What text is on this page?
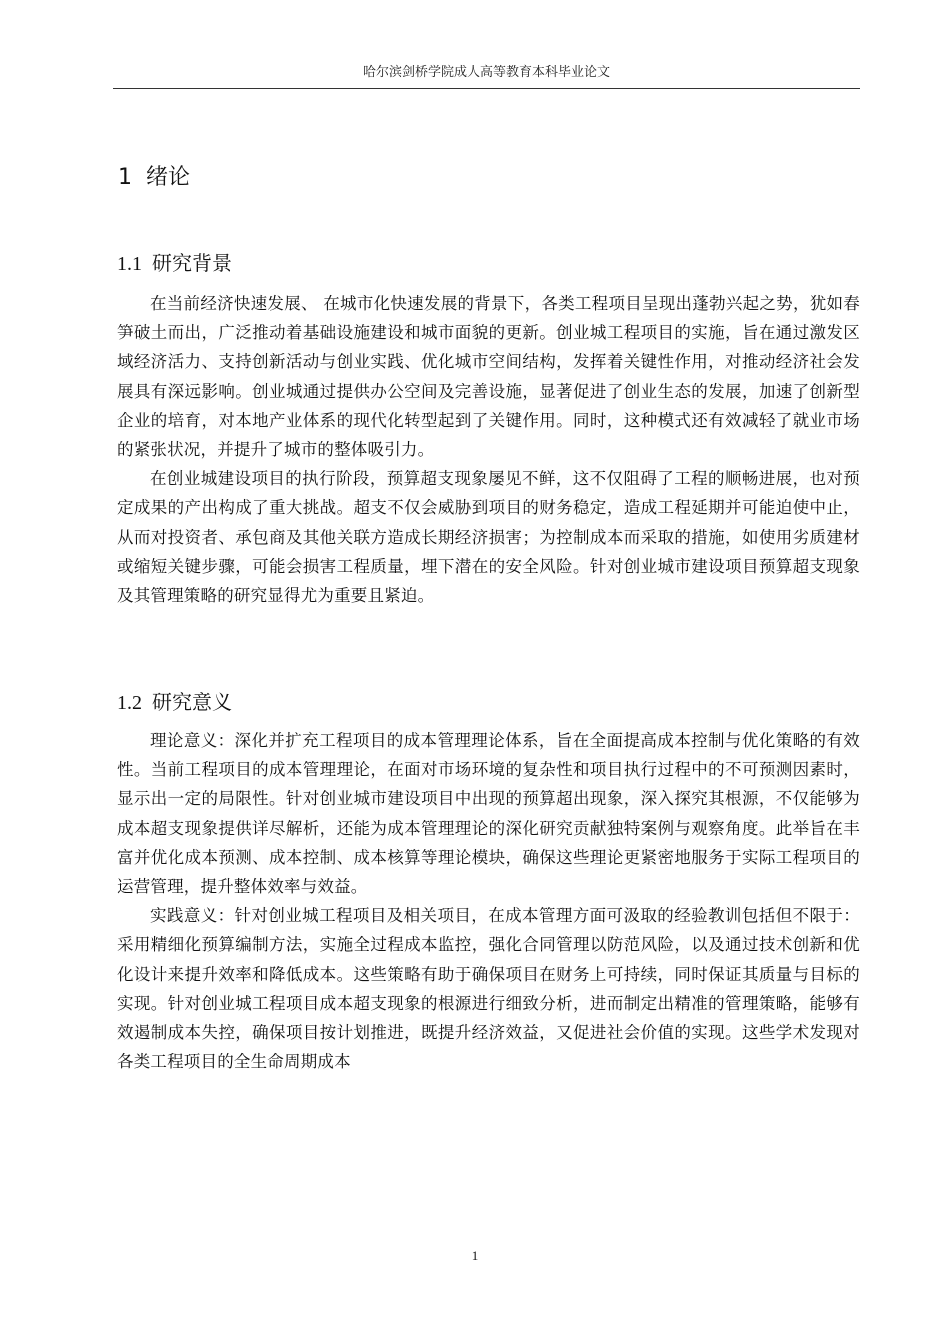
哈尔滨剑桥学院成人高等教育本科毕业论文
1 绪论
1.1 研究背景

在当前经济快速发展、 在城市化快速发展的背景下，各类工程项目呈现出蓬勃兴起之势，犹如春笋破土而出，广泛推动着基础设施建设和城市面貌的更新。创业城工程项目的实施，旨在通过激发区域经济活力、支持创新活动与创业实践、优化城市空间结构，发挥着关键性作用，对推动经济社会发展具有深远影响。创业城通过提供办公空间及完善设施，显著促进了创业生态的发展，加速了创新型企业的培育，对本地产业体系的现代化转型起到了关键作用。同时，这种模式还有效减轻了就业市场的紧张状况，并提升了城市的整体吸引力。

在创业城建设项目的执行阶段，预算超支现象屡见不鲜，这不仅阻碍了工程的顺畅进展，也对预定成果的产出构成了重大挑战。超支不仅会威胁到项目的财务稳定，造成工程延期并可能迫使中止，从而对投资者、承包商及其他关联方造成长期经济损害；为控制成本而采取的措施，如使用劣质建材或缩短关键步骤，可能会损害工程质量，埋下潜在的安全风险。针对创业城市建设项目预算超支现象及其管理策略的研究显得尤为重要且紧迫。

1.2 研究意义

理论意义：深化并扩充工程项目的成本管理理论体系，旨在全面提高成本控制与优化策略的有效性。当前工程项目的成本管理理论，在面对市场环境的复杂性和项目执行过程中的不可预测因素时，显示出一定的局限性。针对创业城市建设项目中出现的预算超出现象，深入探究其根源，不仅能够为成本超支现象提供详尽解析，还能为成本管理理论的深化研究贡献独特案例与观察角度。此举旨在丰富并优化成本预测、成本控制、成本核算等理论模块，确保这些理论更紧密地服务于实际工程项目的运营管理，提升整体效率与效益。

实践意义：针对创业城工程项目及相关项目，在成本管理方面可汲取的经验教训包括但不限于：采用精细化预算编制方法，实施全过程成本监控，强化合同管理以防范风险，以及通过技术创新和优化设计来提升效率和降低成本。这些策略有助于确保项目在财务上可持续，同时保证其质量与目标的实现。针对创业城工程项目成本超支现象的根源进行细致分析，进而制定出精准的管理策略，能够有效遏制成本失控，确保项目按计划推进，既提升经济效益，又促进社会价值的实现。这些学术发现对各类工程项目的全生命周期成本

1
